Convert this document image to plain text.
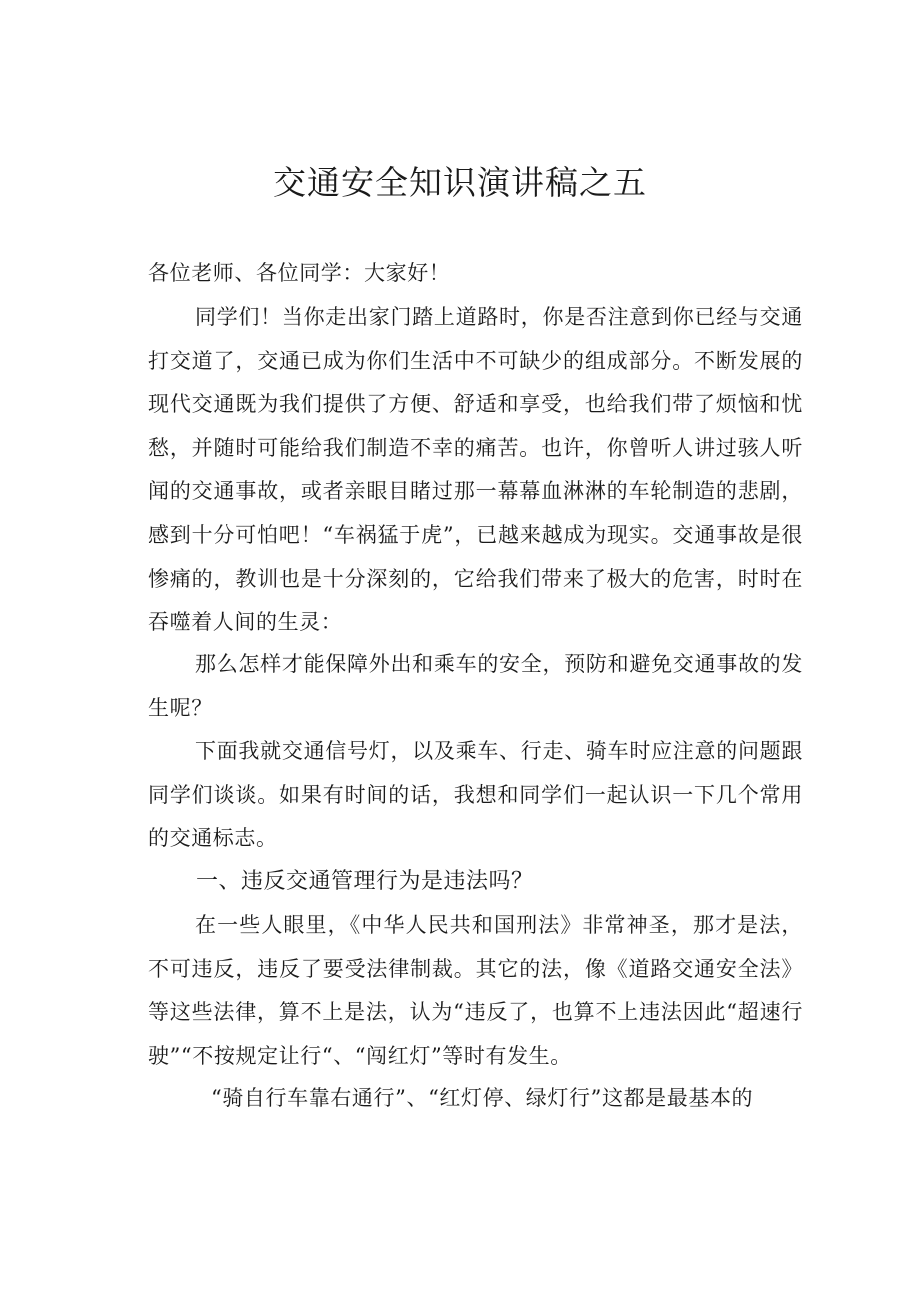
交通安全知识演讲稿之五

各位老师、各位同学：大家好！

同学们！当你走出家门踏上道路时，你是否注意到你已经与交通打交道了，交通已成为你们生活中不可缺少的组成部分。不断发展的现代交通既为我们提供了方便、舒适和享受，也给我们带了烦恼和忧愁，并随时可能给我们制造不幸的痛苦。也许，你曾听人讲过骇人听闻的交通事故，或者亲眼目睹过那一幕幕血淋淋的车轮制造的悲剧，感到十分可怕吧！“车祸猛于虎”，已越来越成为现实。交通事故是很惨痛的，教训也是十分深刻的，它给我们带来了极大的危害，时时在吞噬着人间的生灵：

那么怎样才能保障外出和乘车的安全，预防和避免交通事故的发生呢？

下面我就交通信号灯，以及乘车、行走、骑车时应注意的问题跟同学们谈谈。如果有时间的话，我想和同学们一起认识一下几个常用的交通标志。

一、违反交通管理行为是违法吗？

在一些人眼里，《中华人民共和国刑法》非常神圣，那才是法，不可违反，违反了要受法律制裁。其它的法，像《道路交通安全法》等这些法律，算不上是法，认为“违反了，也算不上违法因此“超速行驶”“不按规定让行“、“闯红灯”等时有发生。

“骑自行车靠右通行”、“红灯停、绿灯行”这都是最基本的
